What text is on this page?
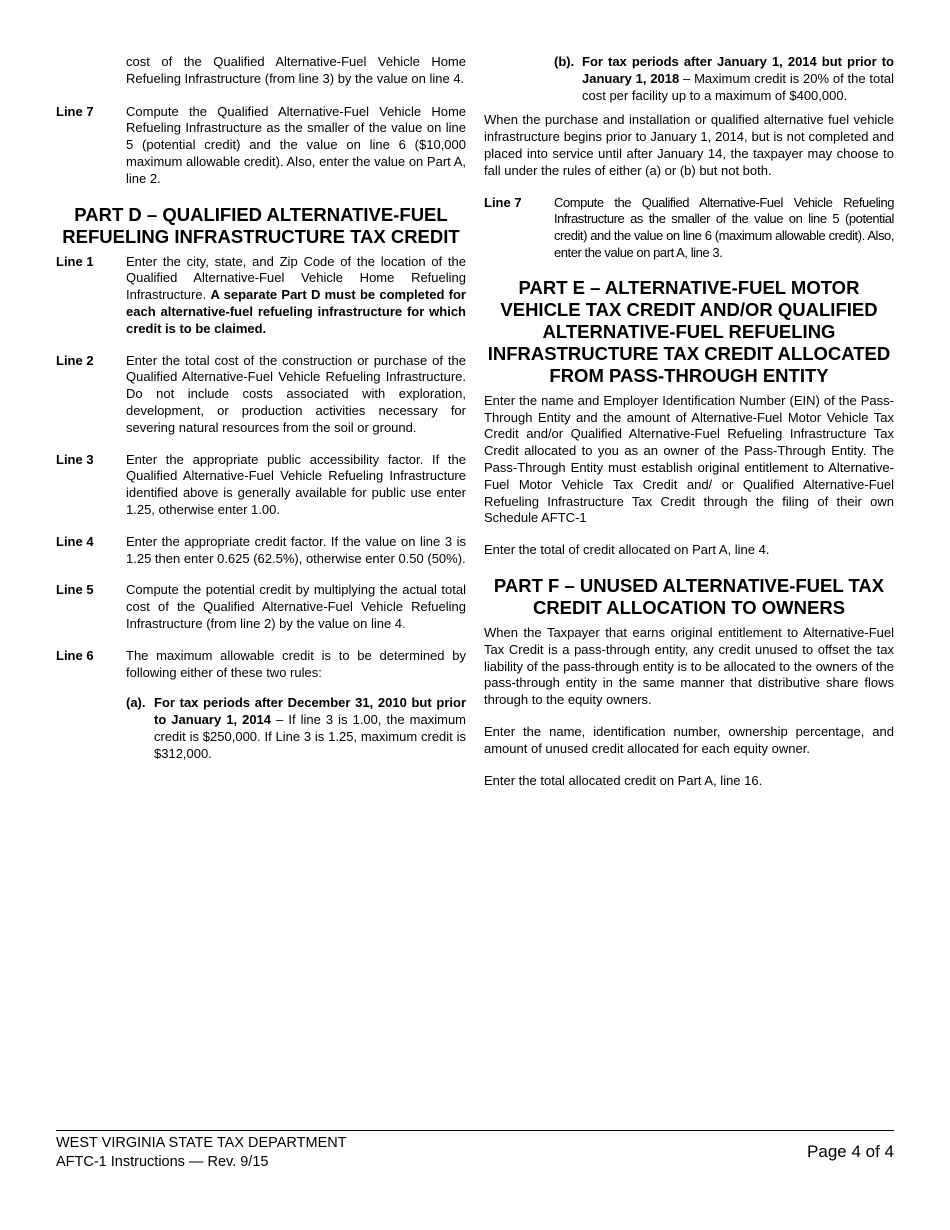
cost of the Qualified Alternative-Fuel Vehicle Home Refueling Infrastructure (from line 3) by the value on line 4.

Line 7	Compute the Qualified Alternative-Fuel Vehicle Home Refueling Infrastructure as the smaller of the value on line 5 (potential credit) and the value on line 6 ($10,000 maximum allowable credit). Also, enter the value on Part A, line 2.

PART D – QUALIFIED ALTERNATIVE-FUEL
REFUELING INFRASTRUCTURE TAX CREDIT
Line 1	Enter the city, state, and Zip Code of the location of the Qualified Alternative-Fuel Vehicle Home Refueling Infrastructure. A separate Part D must be completed for each alternative-fuel refueling infrastructure for which credit is to be claimed.

Line 2	Enter the total cost of the construction or purchase of the Qualified Alternative-Fuel Vehicle Refueling Infrastructure. Do not include costs associated with exploration, development, or production activities necessary for severing natural resources from the soil or ground.

Line 3	Enter the appropriate public accessibility factor. If the Qualified Alternative-Fuel Vehicle Refueling Infrastructure identified above is generally available for public use enter 1.25, otherwise enter 1.00.

Line 4	Enter the appropriate credit factor. If the value on line 3 is 1.25 then enter 0.625 (62.5%), otherwise enter 0.50 (50%).

Line 5	Compute the potential credit by multiplying the actual total cost of the Qualified Alternative-Fuel Vehicle Refueling Infrastructure (from line 2) by the value on line 4.

Line 6	The maximum allowable credit is to be determined by following either of these two rules:

(a). For tax periods after December 31, 2010 but prior to January 1, 2014 – If line 3 is 1.00, the maximum credit is $250,000. If Line 3 is 1.25, maximum credit is $312,000.

(b). For tax periods after January 1, 2014 but prior to January 1, 2018 – Maximum credit is 20% of the total cost per facility up to a maximum of $400,000.

When the purchase and installation or qualified alternative fuel vehicle infrastructure begins prior to January 1, 2014, but is not completed and placed into service until after January 14, the taxpayer may choose to fall under the rules of either (a) or (b) but not both.

Line 7	Compute the Qualified Alternative-Fuel Vehicle Refueling Infrastructure as the smaller of the value on line 5 (potential credit) and the value on line 6 (maximum allowable credit). Also, enter the value on part A, line 3.

PART E – ALTERNATIVE-FUEL MOTOR
VEHICLE TAX CREDIT AND/OR QUALIFIED
ALTERNATIVE-FUEL REFUELING
INFRASTRUCTURE TAX CREDIT ALLOCATED
FROM PASS-THROUGH ENTITY

Enter the name and Employer Identification Number (EIN) of the Pass-Through Entity and the amount of Alternative-Fuel Motor Vehicle Tax Credit and/or Qualified Alternative-Fuel Refueling Infrastructure Tax Credit allocated to you as an owner of the Pass-Through Entity. The Pass-Through Entity must establish original entitlement to Alternative-Fuel Motor Vehicle Tax Credit and/ or Qualified Alternative-Fuel Refueling Infrastructure Tax Credit through the filing of their own Schedule AFTC-1

Enter the total of credit allocated on Part A, line 4.

PART F – UNUSED ALTERNATIVE-FUEL TAX
CREDIT ALLOCATION TO OWNERS

When the Taxpayer that earns original entitlement to Alternative-Fuel Tax Credit is a pass-through entity, any credit unused to offset the tax liability of the pass-through entity is to be allocated to the owners of the pass-through entity in the same manner that distributive share flows through to the equity owners.

Enter the name, identification number, ownership percentage, and amount of unused credit allocated for each equity owner.

Enter the total allocated credit on Part A, line 16.

WEST VIRGINIA STATE TAX DEPARTMENT
AFTC-1 Instructions — Rev. 9/15
Page 4 of 4
